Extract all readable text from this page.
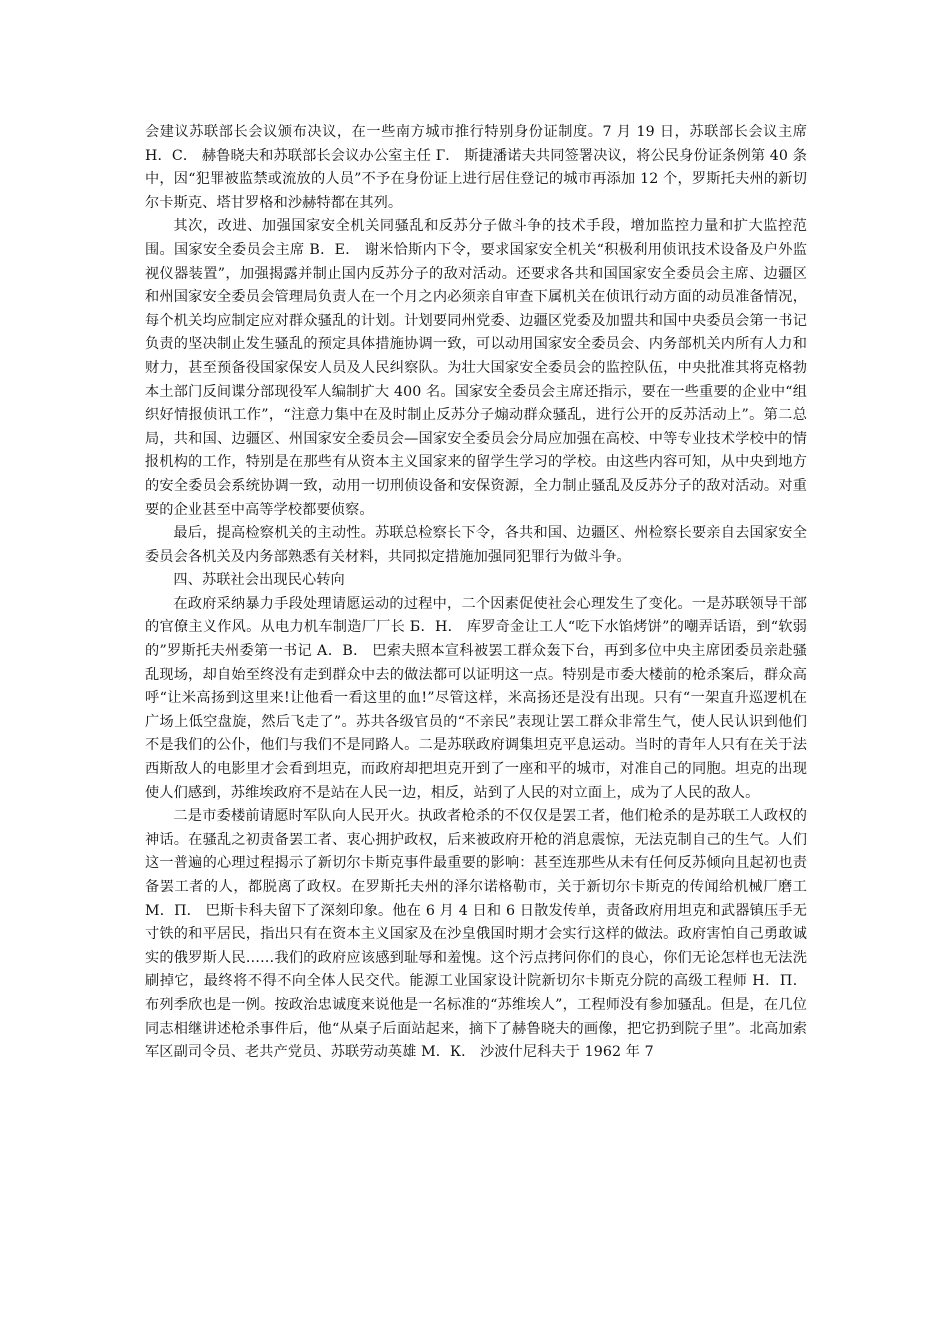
会建议苏联部长会议颁布决议，在一些南方城市推行特别身份证制度。7 月 19 日，苏联部长会议主席 Н．С． 赫鲁晓夫和苏联部长会议办公室主任 Г． 斯捷潘诺夫共同签署决议，将公民身份证条例第 40 条中，因“犯罪被监禁或流放的人员”不予在身份证上进行居住登记的城市再添加 12 个，罗斯托夫州的新切尔卡斯克、塔甘罗格和沙赫特都在其列。

其次，改进、加强国家安全机关同骚乱和反苏分子做斗争的技术手段，增加监控力量和扩大监控范围。国家安全委员会主席 В．Е． 谢米恰斯内下令，要求国家安全机关“积极利用侦讯技术设备及户外监视仪器装置”，加强揭露并制止国内反苏分子的敌对活动。还要求各共和国国家安全委员会主席、边疆区和州国家安全委员会管理局负责人在一个月之内必须亲自审查下属机关在侦讯行动方面的动员准备情况，每个机关均应制定应对群众骚乱的计划。计划要同州党委、边疆区党委及加盟共和国中央委员会第一书记负责的坚决制止发生骚乱的预定具体措施协调一致，可以动用国家安全委员会、内务部机关内所有人力和财力，甚至预备役国家保安人员及人民纠察队。为壮大国家安全委员会的监控队伍，中央批准其将克格勃本土部门反间谍分部现役军人编制扩大 400 名。国家安全委员会主席还指示，要在一些重要的企业中“组织好情报侦讯工作”，“注意力集中在及时制止反苏分子煽动群众骚乱，进行公开的反苏活动上”。第二总局，共和国、边疆区、州国家安全委员会—国家安全委员会分局应加强在高校、中等专业技术学校中的情报机构的工作，特别是在那些有从资本主义国家来的留学生学习的学校。由这些内容可知，从中央到地方的安全委员会系统协调一致，动用一切刑侦设备和安保资源，全力制止骚乱及反苏分子的敌对活动。对重要的企业甚至中高等学校都要侦察。

最后，提高检察机关的主动性。苏联总检察长下令，各共和国、边疆区、州检察长要亲自去国家安全委员会各机关及内务部熟悉有关材料，共同拟定措施加强同犯罪行为做斗争。

四、苏联社会出现民心转向

在政府采纳暴力手段处理请愿运动的过程中，二个因素促使社会心理发生了变化。一是苏联领导干部的官僚主义作风。从电力机车制造厂厂长 Б．Н． 库罗奇金让工人“吃下水馅烤饼”的嘲弄话语，到“软弱的”罗斯托夫州委第一书记 А．В． 巴索夫照本宣科被罢工群众轰下台，再到多位中央主席团委员亲赴骚乱现场，却自始至终没有走到群众中去的做法都可以证明这一点。特别是市委大楼前的枪杀案后，群众高呼“让米高扬到这里来!让他看一看这里的血!”尽管这样，米高扬还是没有出现。只有“一架直升巡逻机在广场上低空盘旋，然后飞走了”。苏共各级官员的“不亲民”表现让罢工群众非常生气，使人民认识到他们不是我们的公仆，他们与我们不是同路人。二是苏联政府调集坦克平息运动。当时的青年人只有在关于法西斯敌人的电影里才会看到坦克，而政府却把坦克开到了一座和平的城市，对准自己的同胞。坦克的出现使人们感到，苏维埃政府不是站在人民一边，相反，站到了人民的对立面上，成为了人民的敌人。

二是市委楼前请愿时军队向人民开火。执政者枪杀的不仅仅是罢工者，他们枪杀的是苏联工人政权的神话。在骚乱之初责备罢工者、衷心拥护政权，后来被政府开枪的消息震惊，无法克制自己的生气。人们这一普遍的心理过程揭示了新切尔卡斯克事件最重要的影响：甚至连那些从未有任何反苏倾向且起初也责备罢工者的人，都脱离了政权。在罗斯托夫州的泽尔诺格勒市，关于新切尔卡斯克的传闻给机械厂磨工 М．П． 巴斯卡科夫留下了深刻印象。他在 6 月 4 日和 6 日散发传单，责备政府用坦克和武器镇压手无寸铁的和平居民，指出只有在资本主义国家及在沙皇俄国时期才会实行这样的做法。政府害怕自己勇敢诚实的俄罗斯人民……我们的政府应该感到耻辱和羞愧。这个污点拷问你们的良心，你们无论怎样也无法洗刷掉它，最终将不得不向全体人民交代。能源工业国家设计院新切尔卡斯克分院的高级工程师 Н．П． 布列季欣也是一例。按政治忠诚度来说他是一名标准的“苏维埃人”，工程师没有参加骚乱。但是，在几位同志相继讲述枪杀事件后，他“从桌子后面站起来，摘下了赫鲁晓夫的画像，把它扔到院子里”。北高加索军区副司令员、老共产党员、苏联劳动英雄 М．К． 沙波什尼科夫于 1962 年 7
